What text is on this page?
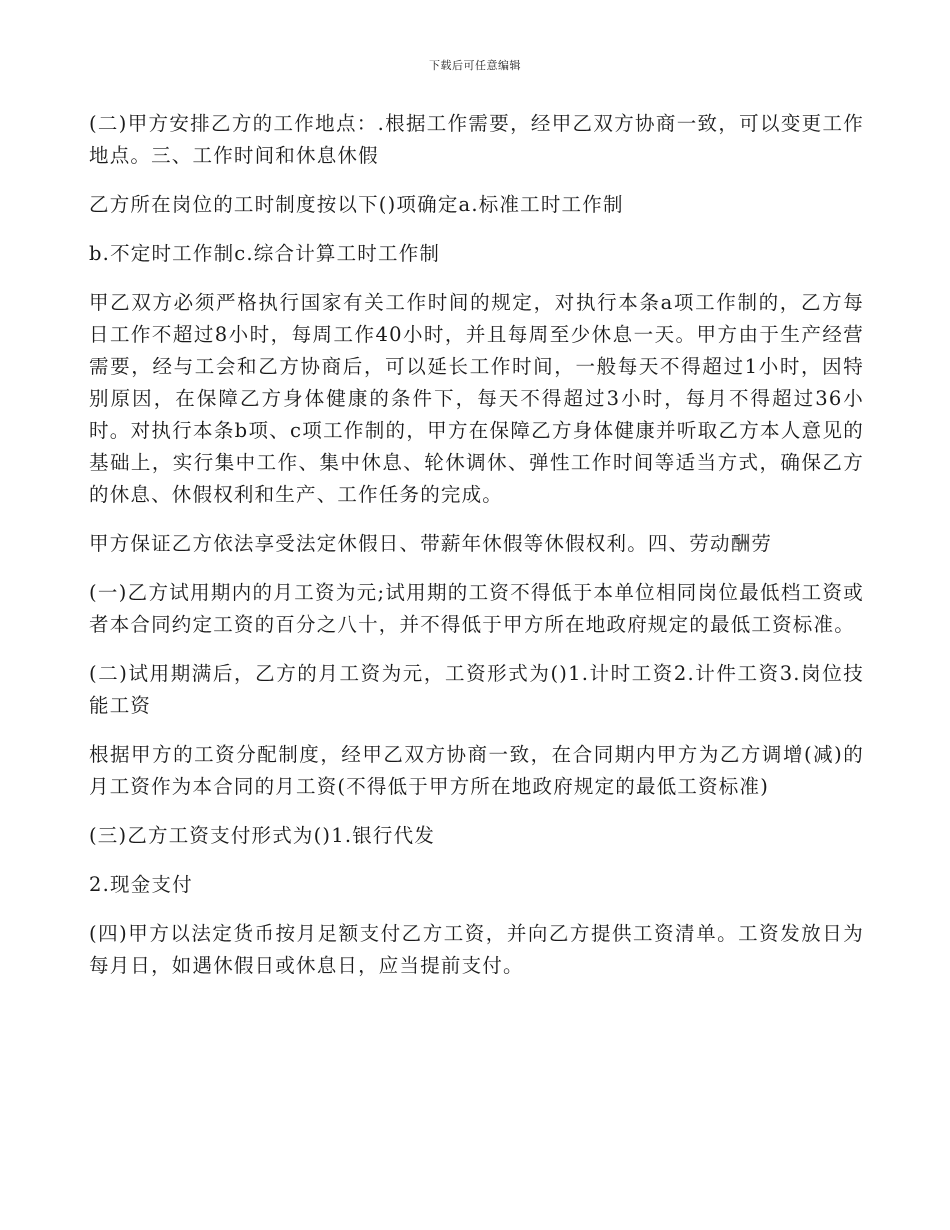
下载后可任意编辑

(二)甲方安排乙方的工作地点：.根据工作需要，经甲乙双方协商一致，可以变更工作地点。三、工作时间和休息休假

乙方所在岗位的工时制度按以下()项确定a.标准工时工作制

b.不定时工作制c.综合计算工时工作制

甲乙双方必须严格执行国家有关工作时间的规定，对执行本条a项工作制的，乙方每日工作不超过8小时，每周工作40小时，并且每周至少休息一天。甲方由于生产经营需要，经与工会和乙方协商后，可以延长工作时间，一般每天不得超过1小时，因特别原因，在保障乙方身体健康的条件下，每天不得超过3小时，每月不得超过36小时。对执行本条b项、c项工作制的，甲方在保障乙方身体健康并听取乙方本人意见的基础上，实行集中工作、集中休息、轮休调休、弹性工作时间等适当方式，确保乙方的休息、休假权利和生产、工作任务的完成。

甲方保证乙方依法享受法定休假日、带薪年休假等休假权利。四、劳动酬劳

(一)乙方试用期内的月工资为元;试用期的工资不得低于本单位相同岗位最低档工资或者本合同约定工资的百分之八十，并不得低于甲方所在地政府规定的最低工资标准。

(二)试用期满后，乙方的月工资为元，工资形式为()1.计时工资2.计件工资3.岗位技能工资

根据甲方的工资分配制度，经甲乙双方协商一致，在合同期内甲方为乙方调增(减)的月工资作为本合同的月工资(不得低于甲方所在地政府规定的最低工资标准)

(三)乙方工资支付形式为()1.银行代发

2.现金支付

(四)甲方以法定货币按月足额支付乙方工资，并向乙方提供工资清单。工资发放日为每月日，如遇休假日或休息日，应当提前支付。
